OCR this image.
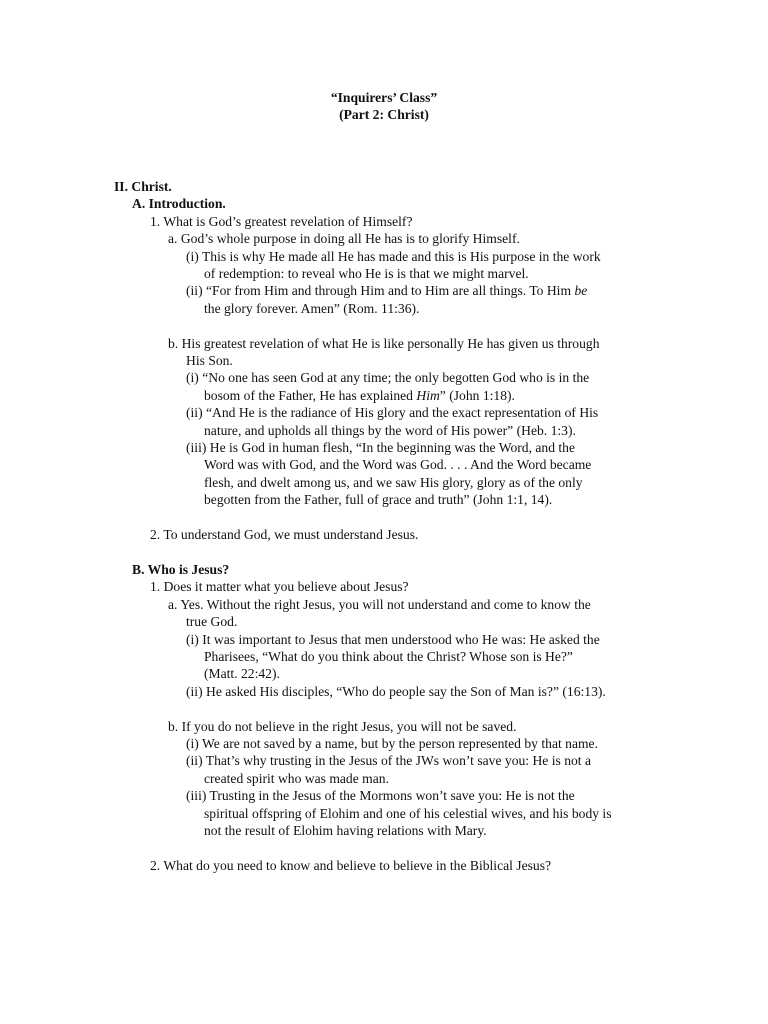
“Inquirers’ Class”
(Part 2: Christ)
II. Christ.
A. Introduction.
1. What is God’s greatest revelation of Himself?
a. God’s whole purpose in doing all He has is to glorify Himself.
(i) This is why He made all He has made and this is His purpose in the work
of redemption: to reveal who He is is that we might marvel.
(ii) “For from Him and through Him and to Him are all things. To Him be
the glory forever. Amen” (Rom. 11:36).
b. His greatest revelation of what He is like personally He has given us through
His Son.
(i) “No one has seen God at any time; the only begotten God who is in the
bosom of the Father, He has explained Him” (John 1:18).
(ii) “And He is the radiance of His glory and the exact representation of His
nature, and upholds all things by the word of His power” (Heb. 1:3).
(iii) He is God in human flesh, “In the beginning was the Word, and the
Word was with God, and the Word was God. . . . And the Word became
flesh, and dwelt among us, and we saw His glory, glory as of the only
begotten from the Father, full of grace and truth” (John 1:1, 14).
2. To understand God, we must understand Jesus.
B. Who is Jesus?
1. Does it matter what you believe about Jesus?
a. Yes. Without the right Jesus, you will not understand and come to know the
true God.
(i) It was important to Jesus that men understood who He was: He asked the
Pharisees, “What do you think about the Christ? Whose son is He?”
(Matt. 22:42).
(ii) He asked His disciples, “Who do people say the Son of Man is?” (16:13).
b. If you do not believe in the right Jesus, you will not be saved.
(i) We are not saved by a name, but by the person represented by that name.
(ii) That’s why trusting in the Jesus of the JWs won’t save you: He is not a
created spirit who was made man.
(iii) Trusting in the Jesus of the Mormons won’t save you: He is not the
spiritual offspring of Elohim and one of his celestial wives, and his body is
not the result of Elohim having relations with Mary.
2. What do you need to know and believe to believe in the Biblical Jesus?
